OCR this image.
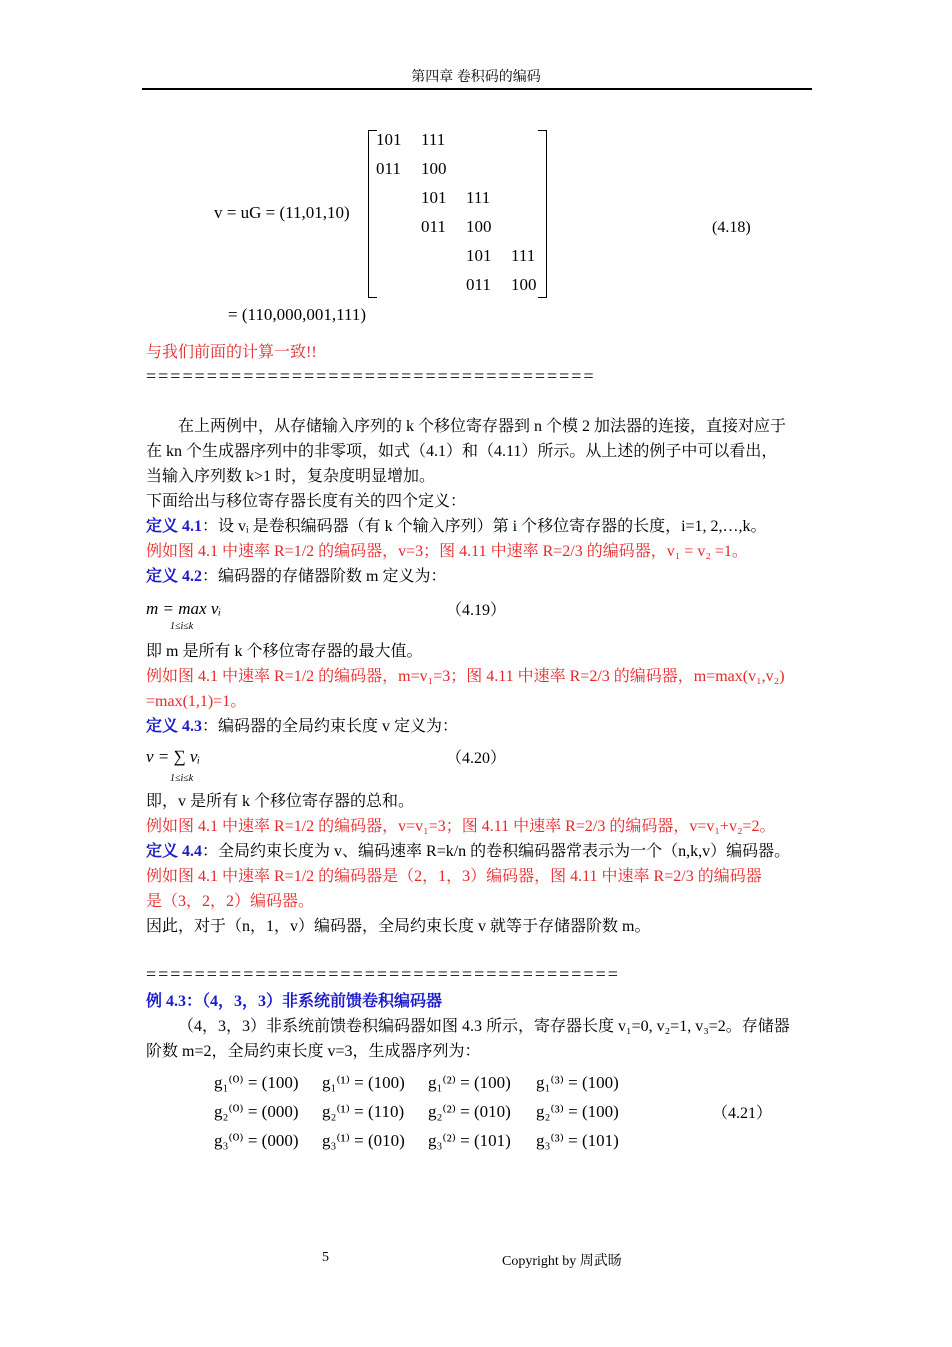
第四章 卷积码的编码
v = uG = (11,01,10)
101 111
011 100
101 111
011 100
101 111
011 100
(4.18)
= (110,000,001,111)
与我们前面的计算一致!!
=====================================
在上两例中，从存储输入序列的 k 个移位寄存器到 n 个模 2 加法器的连接，直接对应于
在 kn 个生成器序列中的非零项，如式（4.1）和（4.11）所示。从上述的例子中可以看出，
当输入序列数 k>1 时，复杂度明显增加。
下面给出与移位寄存器长度有关的四个定义：
定义 4.1：设 vᵢ 是卷积编码器（有 k 个输入序列）第 i 个移位寄存器的长度，i=1, 2,…,k。
例如图 4.1 中速率 R=1/2 的编码器，v=3；图 4.11 中速率 R=2/3 的编码器，v₁ = v₂ =1。
定义 4.2：编码器的存储器阶数 m 定义为：
m = max vᵢ
1≤i≤k
（4.19）
即 m 是所有 k 个移位寄存器的最大值。
例如图 4.1 中速率 R=1/2 的编码器，m=v₁=3；图 4.11 中速率 R=2/3 的编码器，m=max(v₁,v₂)
=max(1,1)=1。
定义 4.3：编码器的全局约束长度 v 定义为：
v = ∑ vᵢ
1≤i≤k
（4.20）
即，v 是所有 k 个移位寄存器的总和。
例如图 4.1 中速率 R=1/2 的编码器，v=v₁=3；图 4.11 中速率 R=2/3 的编码器，v=v₁+v₂=2。
定义 4.4：全局约束长度为 v、编码速率 R=k/n 的卷积编码器常表示为一个（n,k,v）编码器。
例如图 4.1 中速率 R=1/2 的编码器是（2，1，3）编码器，图 4.11 中速率 R=2/3 的编码器
是（3，2，2）编码器。
因此，对于（n，1，v）编码器，全局约束长度 v 就等于存储器阶数 m。
=======================================
例 4.3：（4，3，3）非系统前馈卷积编码器
（4，3，3）非系统前馈卷积编码器如图 4.3 所示，寄存器长度 v₁=0, v₂=1, v₃=2。存储器
阶数 m=2，全局约束长度 v=3，生成器序列为：
g₁⁽⁰⁾ = (100) g₁⁽¹⁾ = (100) g₁⁽²⁾ = (100) g₁⁽³⁾ = (100)
g₂⁽⁰⁾ = (000) g₂⁽¹⁾ = (110) g₂⁽²⁾ = (010) g₂⁽³⁾ = (100)
g₃⁽⁰⁾ = (000) g₃⁽¹⁾ = (010) g₃⁽²⁾ = (101) g₃⁽³⁾ = (101)
（4.21）
5	Copyright by 周武旸
